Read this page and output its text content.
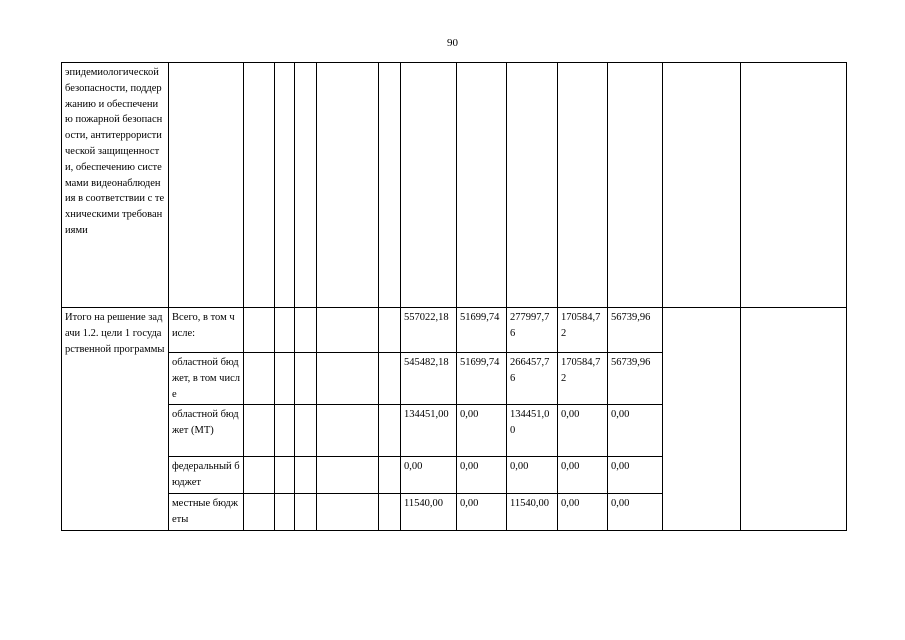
90
эпидемиологической безопасности, поддержанию и обеспечению пожарной безопасности, антитеррористической защищенности, обеспечению системами видеонаблюдения в соответствии с техническими требованиями													
Итого на решение задачи 1.2. цели 1 государственной программы	Всего, в том числе:						557022,18	51699,74	277997,76	170584,72	56739,96		
	областной бюджет, в том числе						545482,18	51699,74	266457,76	170584,72	56739,96		
	областной бюджет (МТ)						134451,00	0,00	134451,00	0,00	0,00		
	федеральный бюджет						0,00	0,00	0,00	0,00	0,00		
	местные бюджеты						11540,00	0,00	11540,00	0,00	0,00		
